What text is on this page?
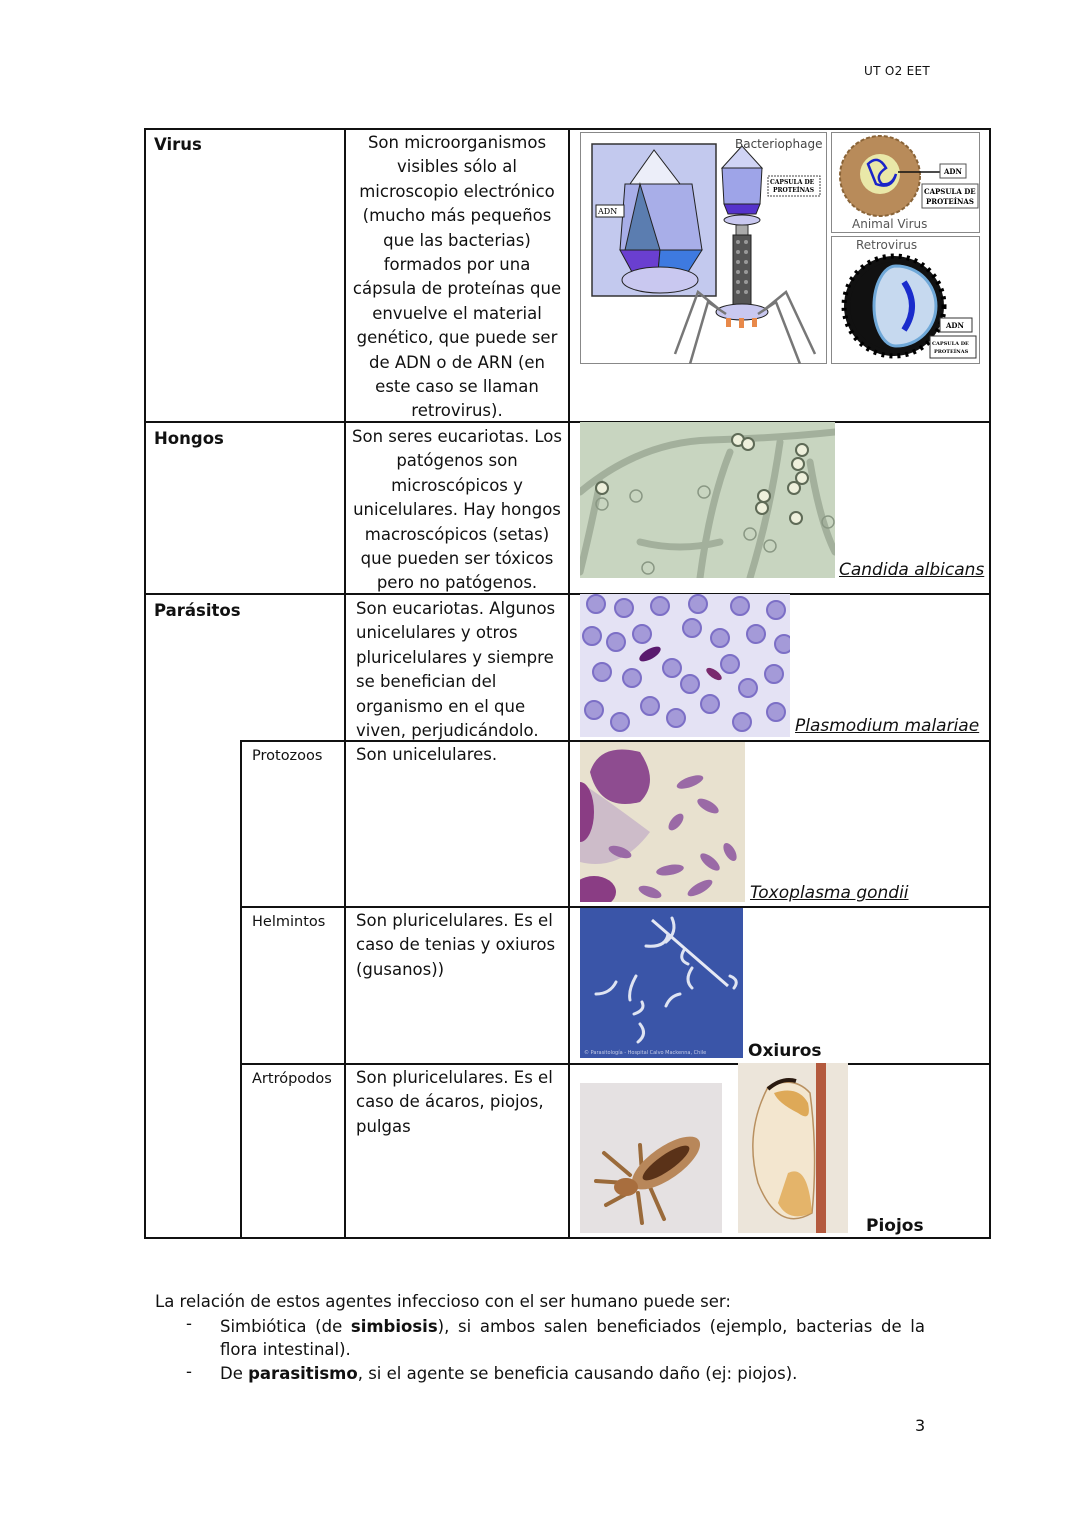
UT O2 EET
Virus	Son microorganismos visibles sólo al microscopio electrónico (mucho más pequeños que las bacterias) formados por una cápsula de proteínas que envuelve el material genético, que puede ser de ADN o de ARN (en este caso se llaman retrovirus).
ADN
Bacteriophage
CAPSULA DE
PROTEÍNAS
ADN
CAPSULA DE
PROTEÍNAS
Animal Virus
Retrovirus
ADN
CAPSULA DE
PROTEÍNAS
Hongos	Son seres eucariotas. Los patógenos son microscópicos y unicelulares. Hay hongos macroscópicos (setas) que pueden ser tóxicos pero no patógenos.
Candida albicans
Parásitos	Son eucariotas. Algunos unicelulares y otros pluricelulares y siempre se benefician del organismo en el que viven, perjudicándolo.	Plasmodium malariae
Protozoos	Son unicelulares.
Toxoplasma gondii
Helmintos	Son pluricelulares. Es el caso de tenias y oxiuros (gusanos))
© Parasitología - Hospital Calvo Mackenna, Chile Oxiuros
Artrópodos	Son pluricelulares. Es el caso de ácaros, piojos, pulgas
Piojos
La relación de estos agentes infeccioso con el ser humano puede ser:
- Simbiótica (de simbiosis), si ambos salen beneficiados (ejemplo, bacterias de la flora intestinal).
- De parasitismo, si el agente se beneficia causando daño (ej: piojos).
3
